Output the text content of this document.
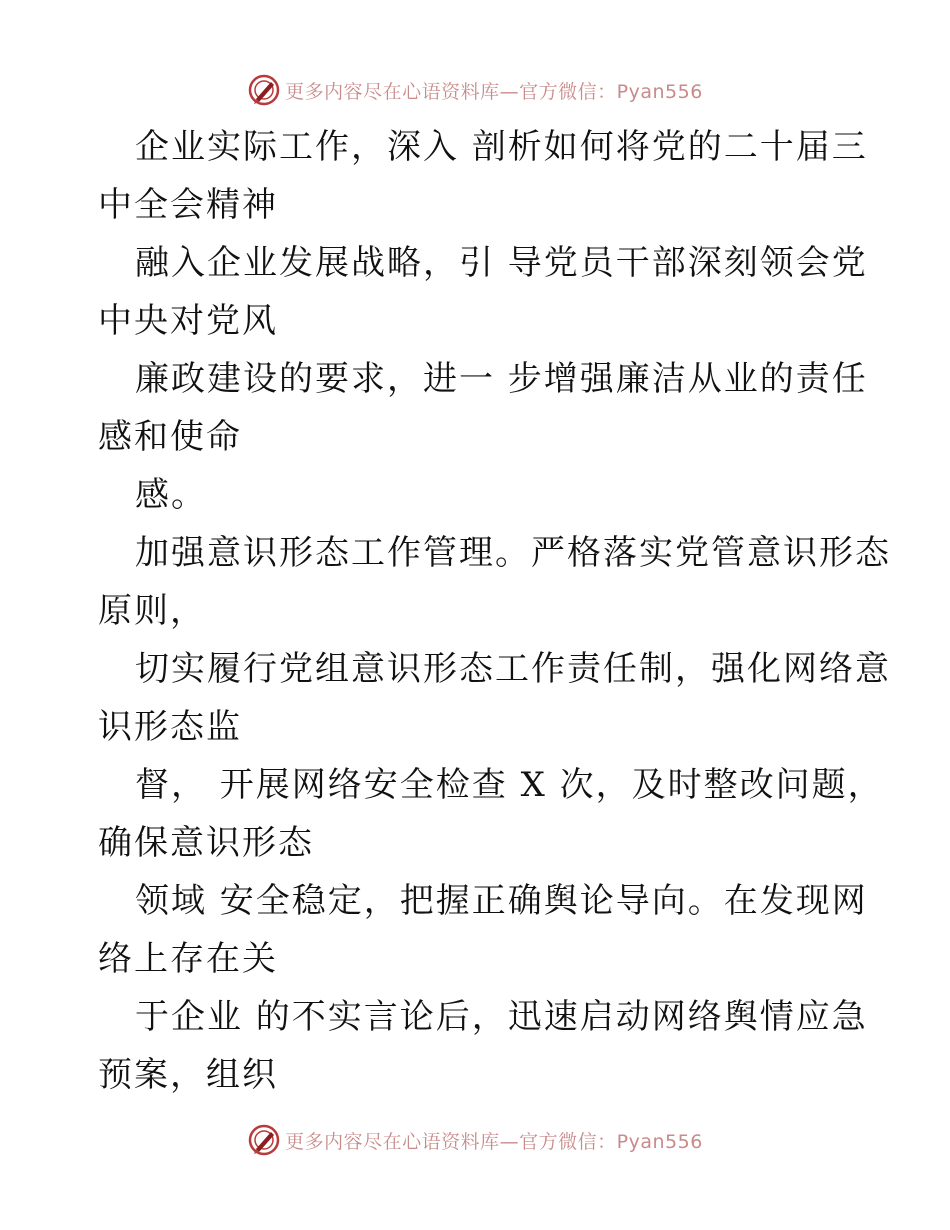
更多内容尽在心语资料库—官方微信：Pyan556
企业实际工作，深入 剖析如何将党的二十届三
中全会精神
融入企业发展战略，引 导党员干部深刻领会党
中央对党风
廉政建设的要求，进一 步增强廉洁从业的责任
感和使命
感。
加强意识形态工作管理。严格落实党管意识形态
原则，
切实履行党组意识形态工作责任制，强化网络意
识形态监
督， 开展网络安全检查 X 次，及时整改问题，
确保意识形态
领域 安全稳定，把握正确舆论导向。在发现网
络上存在关
于企业 的不实言论后，迅速启动网络舆情应急
预案，组织
更多内容尽在心语资料库—官方微信：Pyan556
